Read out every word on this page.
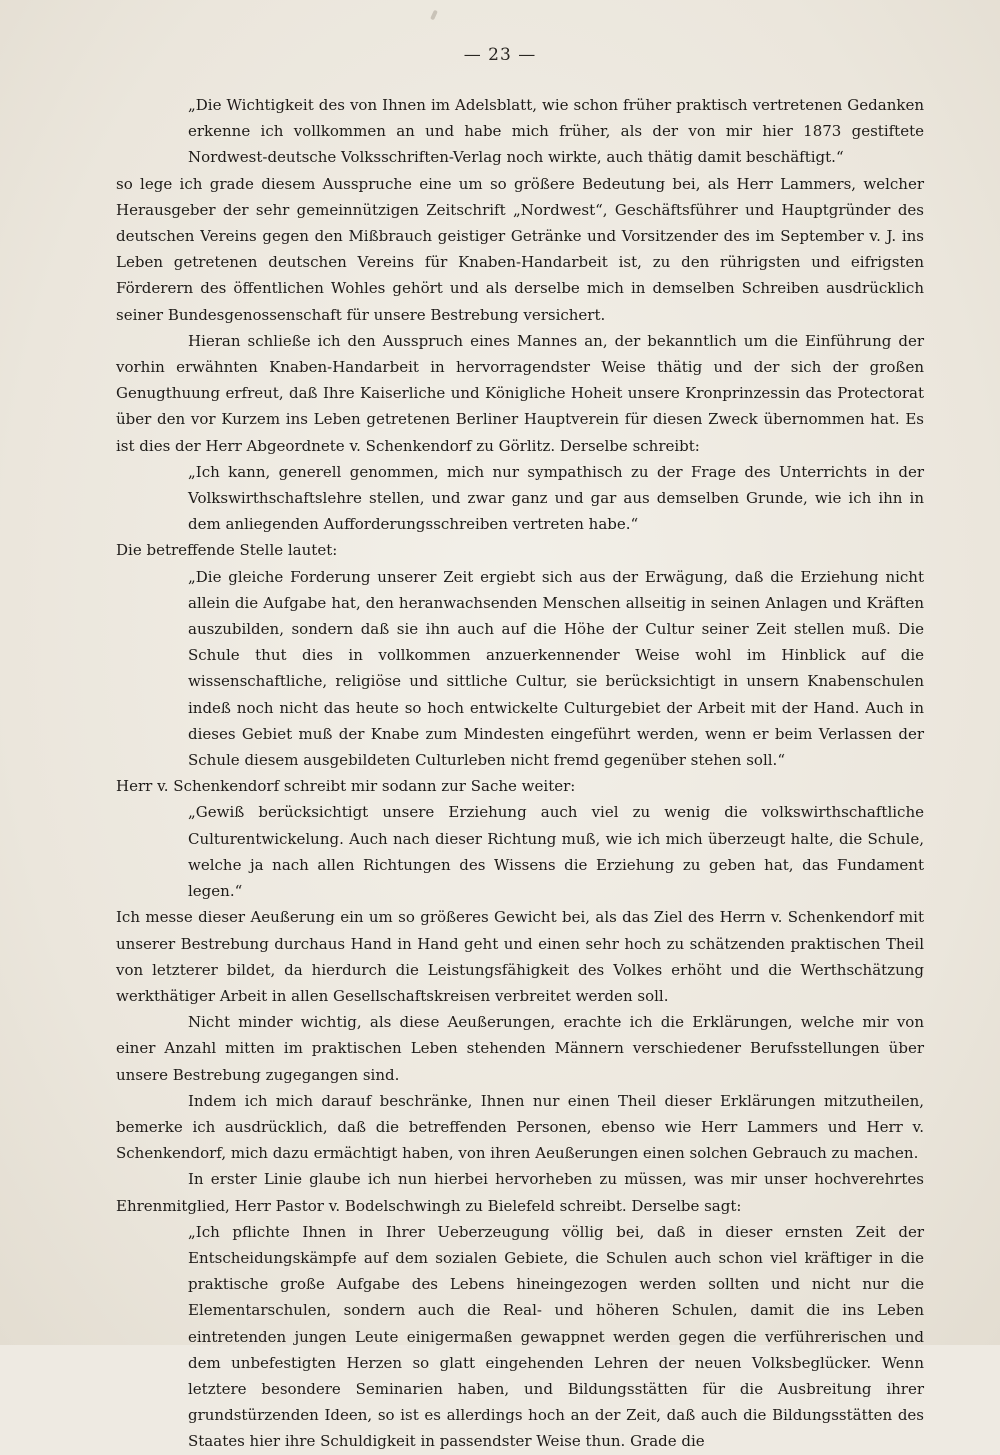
— 23 —

„Die Wichtigkeit des von Ihnen im Adelsblatt, wie schon früher praktisch vertretenen Gedanken erkenne ich vollkommen an und habe mich früher, als der von mir hier 1873 gestiftete Nordwest-deutsche Volksschriften-Verlag noch wirkte, auch thätig damit beschäftigt.“

so lege ich grade diesem Ausspruche eine um so größere Bedeutung bei, als Herr Lammers, welcher Herausgeber der sehr gemeinnützigen Zeitschrift „Nordwest“, Geschäftsführer und Hauptgründer des deutschen Vereins gegen den Mißbrauch geistiger Getränke und Vorsitzender des im September v. J. ins Leben getretenen deutschen Vereins für Knaben-Handarbeit ist, zu den rührigsten und eifrigsten Förderern des öffentlichen Wohles gehört und als derselbe mich in demselben Schreiben ausdrücklich seiner Bundesgenossenschaft für unsere Bestrebung versichert.

Hieran schließe ich den Ausspruch eines Mannes an, der bekanntlich um die Einführung der vorhin erwähnten Knaben-Handarbeit in hervorragendster Weise thätig und der sich der großen Genugthuung erfreut, daß Ihre Kaiserliche und Königliche Hoheit unsere Kronprinzessin das Protectorat über den vor Kurzem ins Leben getretenen Berliner Hauptverein für diesen Zweck übernommen hat. Es ist dies der Herr Abgeordnete v. Schenkendorf zu Görlitz. Derselbe schreibt:

„Ich kann, generell genommen, mich nur sympathisch zu der Frage des Unterrichts in der Volkswirthschaftslehre stellen, und zwar ganz und gar aus demselben Grunde, wie ich ihn in dem anliegenden Aufforderungsschreiben vertreten habe.“

Die betreffende Stelle lautet:

„Die gleiche Forderung unserer Zeit ergiebt sich aus der Erwägung, daß die Erziehung nicht allein die Aufgabe hat, den heranwachsenden Menschen allseitig in seinen Anlagen und Kräften auszubilden, sondern daß sie ihn auch auf die Höhe der Cultur seiner Zeit stellen muß. Die Schule thut dies in vollkommen anzuerkennender Weise wohl im Hinblick auf die wissenschaftliche, religiöse und sittliche Cultur, sie berücksichtigt in unsern Knabenschulen indeß noch nicht das heute so hoch entwickelte Culturgebiet der Arbeit mit der Hand. Auch in dieses Gebiet muß der Knabe zum Mindesten eingeführt werden, wenn er beim Verlassen der Schule diesem ausgebildeten Culturleben nicht fremd gegenüber stehen soll.“

Herr v. Schenkendorf schreibt mir sodann zur Sache weiter:

„Gewiß berücksichtigt unsere Erziehung auch viel zu wenig die volkswirthschaftliche Culturentwickelung. Auch nach dieser Richtung muß, wie ich mich überzeugt halte, die Schule, welche ja nach allen Richtungen des Wissens die Erziehung zu geben hat, das Fundament legen.“

Ich messe dieser Aeußerung ein um so größeres Gewicht bei, als das Ziel des Herrn v. Schenkendorf mit unserer Bestrebung durchaus Hand in Hand geht und einen sehr hoch zu schätzenden praktischen Theil von letzterer bildet, da hierdurch die Leistungsfähigkeit des Volkes erhöht und die Werthschätzung werkthätiger Arbeit in allen Gesellschaftskreisen verbreitet werden soll.

Nicht minder wichtig, als diese Aeußerungen, erachte ich die Erklärungen, welche mir von einer Anzahl mitten im praktischen Leben stehenden Männern verschiedener Berufsstellungen über unsere Bestrebung zugegangen sind.

Indem ich mich darauf beschränke, Ihnen nur einen Theil dieser Erklärungen mitzutheilen, bemerke ich ausdrücklich, daß die betreffenden Personen, ebenso wie Herr Lammers und Herr v. Schenkendorf, mich dazu ermächtigt haben, von ihren Aeußerungen einen solchen Gebrauch zu machen.

In erster Linie glaube ich nun hierbei hervorheben zu müssen, was mir unser hochverehrtes Ehrenmitglied, Herr Pastor v. Bodelschwingh zu Bielefeld schreibt. Derselbe sagt:

„Ich pflichte Ihnen in Ihrer Ueberzeugung völlig bei, daß in dieser ernsten Zeit der Entscheidungskämpfe auf dem sozialen Gebiete, die Schulen auch schon viel kräftiger in die praktische große Aufgabe des Lebens hineingezogen werden sollten und nicht nur die Elementarschulen, sondern auch die Real- und höheren Schulen, damit die ins Leben eintretenden jungen Leute einigermaßen gewappnet werden gegen die verführerischen und dem unbefestigten Herzen so glatt eingehenden Lehren der neuen Volksbeglücker. Wenn letztere besondere Seminarien haben, und Bildungsstätten für die Ausbreitung ihrer grundstürzenden Ideen, so ist es allerdings hoch an der Zeit, daß auch die Bildungsstätten des Staates hier ihre Schuldigkeit in passendster Weise thun. Grade die
